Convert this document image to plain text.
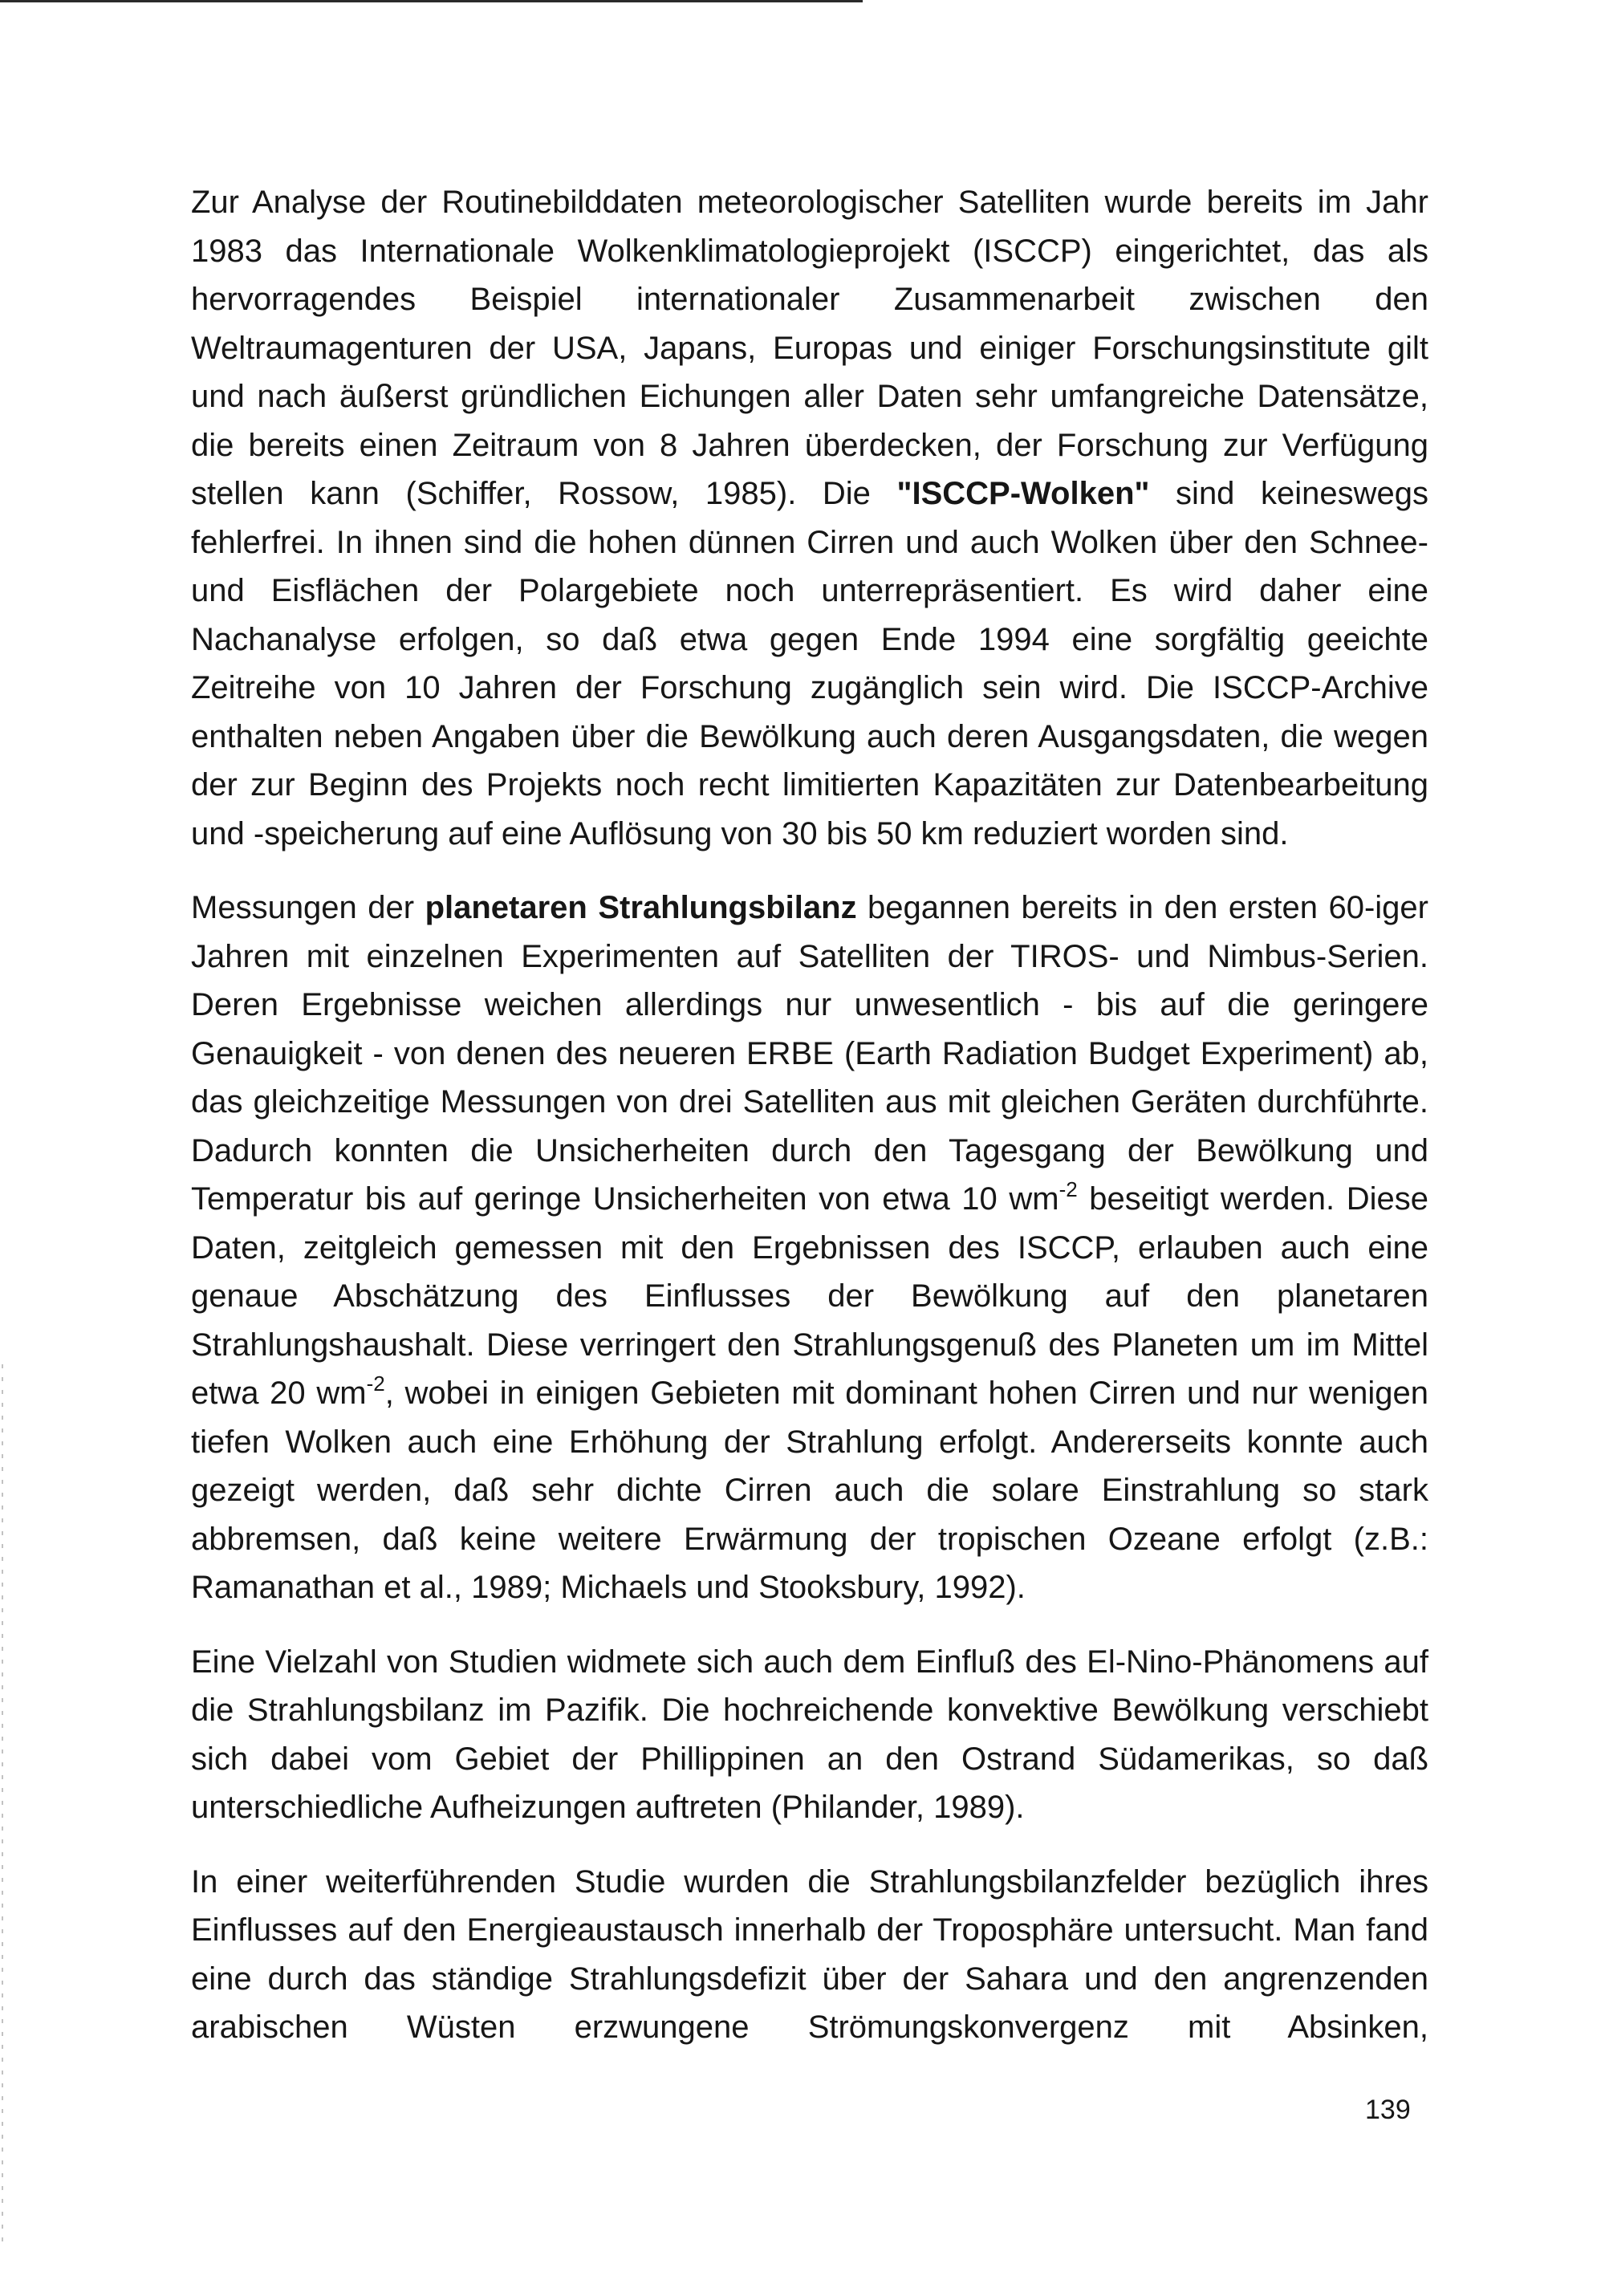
Zur Analyse der Routinebilddaten meteorologischer Satelliten wurde bereits im Jahr 1983 das Internationale Wolkenklimatologieprojekt (ISCCP) eingerichtet, das als hervorragendes Beispiel internationaler Zusammenarbeit zwischen den Weltraumagenturen der USA, Japans, Europas und einiger Forschungsinstitute gilt und nach äußerst gründlichen Eichungen aller Daten sehr umfangreiche Datensätze, die bereits einen Zeitraum von 8 Jahren überdecken, der Forschung zur Verfügung stellen kann (Schiffer, Rossow, 1985). Die "ISCCP-Wolken" sind keineswegs fehlerfrei. In ihnen sind die hohen dünnen Cirren und auch Wolken über den Schnee- und Eisflächen der Polargebiete noch unterrepräsentiert. Es wird daher eine Nachanalyse erfolgen, so daß etwa gegen Ende 1994 eine sorgfältig geeichte Zeitreihe von 10 Jahren der Forschung zugänglich sein wird. Die ISCCP-Archive enthalten neben Angaben über die Bewölkung auch deren Ausgangsdaten, die wegen der zur Beginn des Projekts noch recht limitierten Kapazitäten zur Datenbearbeitung und -speicherung auf eine Auflösung von 30 bis 50 km reduziert worden sind.

Messungen der planetaren Strahlungsbilanz begannen bereits in den ersten 60-iger Jahren mit einzelnen Experimenten auf Satelliten der TIROS- und Nimbus-Serien. Deren Ergebnisse weichen allerdings nur unwesentlich - bis auf die geringere Genauigkeit - von denen des neueren ERBE (Earth Radiation Budget Experiment) ab, das gleichzeitige Messungen von drei Satelliten aus mit gleichen Geräten durchführte. Dadurch konnten die Unsicherheiten durch den Tagesgang der Bewölkung und Temperatur bis auf geringe Unsicherheiten von etwa 10 $wm^{-2}$ beseitigt werden. Diese Daten, zeitgleich gemessen mit den Ergebnissen des ISCCP, erlauben auch eine genaue Abschätzung des Einflusses der Bewölkung auf den planetaren Strahlungshaushalt. Diese verringert den Strahlungsgenuß des Planeten um im Mittel etwa 20 $wm^{-2}$, wobei in einigen Gebieten mit dominant hohen Cirren und nur wenigen tiefen Wolken auch eine Erhöhung der Strahlung erfolgt. Andererseits konnte auch gezeigt werden, daß sehr dichte Cirren auch die solare Einstrahlung so stark abbremsen, daß keine weitere Erwärmung der tropischen Ozeane erfolgt (z.B.: Ramanathan et al., 1989; Michaels und Stooksbury, 1992).

Eine Vielzahl von Studien widmete sich auch dem Einfluß des El-Nino-Phänomens auf die Strahlungsbilanz im Pazifik. Die hochreichende konvektive Bewölkung verschiebt sich dabei vom Gebiet der Phillippinen an den Ostrand Südamerikas, so daß unterschiedliche Aufheizungen auftreten (Philander, 1989).

In einer weiterführenden Studie wurden die Strahlungsbilanzfelder bezüglich ihres Einflusses auf den Energieaustausch innerhalb der Troposphäre untersucht. Man fand eine durch das ständige Strahlungsdefizit über der Sahara und den angrenzenden arabischen Wüsten erzwungene Strömungskonvergenz mit Absinken,

139
